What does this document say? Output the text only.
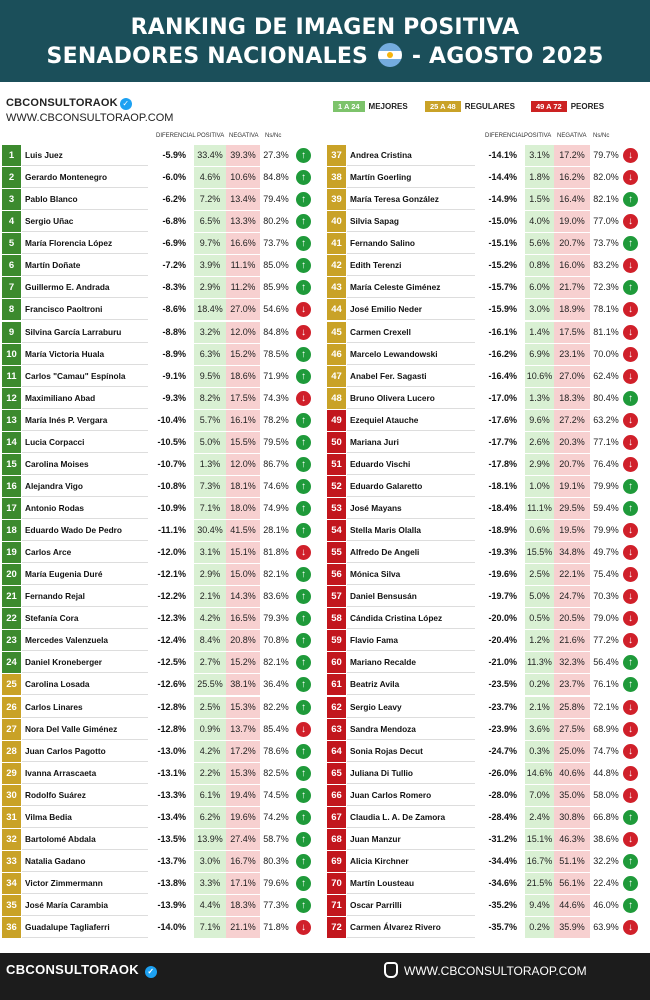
RANKING DE IMAGEN POSITIVA
SENADORES NACIONALES - AGOSTO 2025
CBCONSULTORAOK ✓
WWW.CBCONSULTORAOP.COM
1 A 24	MEJORES	25 A 48	REGULARES	49 A 72	PEORES
DIFERENCIAL POSITIVA NEGATIVA Ns/Nc	DIFERENCIAL POSITIVA NEGATIVA Ns/Nc
1	Luis Juez	-5.9%	33.4% 39.3% 27.3%	↑
2	Gerardo Montenegro	-6.0%	4.6%	10.6% 84.8%	↑
3	Pablo Blanco	-6.2%	7.2%	13.4% 79.4%	↑
4	Sergio Uñac	-6.8%	6.5%	13.3% 80.2%	↑
5	María Florencia López	-6.9%	9.7%	16.6% 73.7%	↑
6	Martín Doñate	-7.2%	3.9%	11.1% 85.0%	↑
7	Guillermo E. Andrada	-8.3%	2.9%	11.2% 85.9%	↑
8	Francisco Paoltroni	-8.6%	18.4% 27.0% 54.6%	↓
9	Silvina García Larraburu	-8.8%	3.2%	12.0% 84.8%	↓
10 María Victoria Huala	-8.9%	6.3%	15.2% 78.5%	↑
11	Carlos "Camau" Espínola	-9.1%	9.5%	18.6% 71.9%	↑
12 Maximiliano Abad	-9.3%	8.2%	17.5% 74.3%	↓
13 María Inés P. Vergara	-10.4%	5.7%	16.1% 78.2%	↑
14 Lucia Corpacci	-10.5%	5.0%	15.5% 79.5%	↑
15 Carolina Moises	-10.7%	1.3%	12.0% 86.7%	↑
16 Alejandra Vigo	-10.8%	7.3%	18.1% 74.6%	↑
17 Antonio Rodas	-10.9%	7.1%	18.0% 74.9%	↑
18 Eduardo Wado De Pedro	-11.1%	30.4% 41.5% 28.1%	↑
19 Carlos Arce	-12.0%	3.1%	15.1% 81.8%	↓
20 María Eugenia Duré	-12.1%	2.9%	15.0% 82.1%	↑
21 Fernando Rejal	-12.2%	2.1%	14.3% 83.6%	↑
22 Stefanía Cora	-12.3%	4.2%	16.5% 79.3%	↑
23 Mercedes Valenzuela	-12.4%	8.4%	20.8% 70.8%	↑
24 Daniel Kroneberger	-12.5%	2.7%	15.2% 82.1%	↑
25 Carolina Losada	-12.6%	25.5% 38.1% 36.4%	↑
26 Carlos Linares	-12.8%	2.5%	15.3% 82.2%	↑
27 Nora Del Valle Giménez	-12.8%	0.9%	13.7% 85.4%	↓
28 Juan Carlos Pagotto	-13.0%	4.2%	17.2% 78.6%	↑
29 Ivanna Arrascaeta	-13.1%	2.2%	15.3% 82.5%	↑
30 Rodolfo Suárez	-13.3%	6.1%	19.4% 74.5%	↑
31 Vilma Bedia	-13.4%	6.2%	19.6% 74.2%	↑
32 Bartolomé Abdala	-13.5%	13.9% 27.4% 58.7%	↑
33 Natalia Gadano	-13.7%	3.0%	16.7% 80.3%	↑
34 Victor Zimmermann	-13.8%	3.3%	17.1% 79.6%	↑
35 José María Carambia	-13.9%	4.4%	18.3% 77.3%	↑
36 Guadalupe Tagliaferri	-14.0%	7.1%	21.1% 71.8%	↓
37 Andrea Cristina	-14.1%	3.1%	17.2% 79.7% ↓
38 Martín Goerling	-14.4%	1.8%	16.2% 82.0% ↓
39 María Teresa González	-14.9%	1.5%	16.4% 82.1% ↑
40 Silvia Sapag	-15.0%	4.0%	19.0% 77.0% ↓
41 Fernando Salino	-15.1%	5.6%	20.7% 73.7% ↑
42 Edith Terenzi	-15.2%	0.8%	16.0% 83.2% ↓
43 María Celeste Giménez	-15.7%	6.0%	21.7% 72.3% ↑
44 José Emilio Neder	-15.9%	3.0%	18.9% 78.1% ↓
45 Carmen Crexell	-16.1%	1.4%	17.5% 81.1% ↓
46 Marcelo Lewandowski	-16.2%	6.9%	23.1% 70.0% ↓
47 Anabel Fer. Sagasti	-16.4% 10.6% 27.0% 62.4% ↓
48 Bruno Olivera Lucero	-17.0%	1.3%	18.3% 80.4% ↑
49 Ezequiel Atauche	-17.6%	9.6%	27.2% 63.2% ↓
50 Mariana Juri	-17.7%	2.6%	20.3% 77.1% ↓
51 Eduardo Vischi	-17.8%	2.9%	20.7% 76.4% ↓
52 Eduardo Galaretto	-18.1%	1.0%	19.1% 79.9% ↑
53 José Mayans	-18.4% 11.1% 29.5% 59.4% ↑
54 Stella Maris Olalla	-18.9%	0.6%	19.5% 79.9% ↓
55 Alfredo De Angeli	-19.3% 15.5% 34.8% 49.7% ↓
56 Mónica Silva	-19.6%	2.5%	22.1% 75.4% ↓
57 Daniel Bensusán	-19.7%	5.0%	24.7% 70.3% ↓
58 Cándida Cristina López	-20.0%	0.5%	20.5% 79.0% ↓
59 Flavio Fama	-20.4%	1.2%	21.6% 77.2% ↓
60 Mariano Recalde	-21.0% 11.3% 32.3% 56.4% ↑
61 Beatriz Avila	-23.5%	0.2%	23.7% 76.1% ↑
62 Sergio Leavy	-23.7%	2.1%	25.8% 72.1% ↓
63 Sandra Mendoza	-23.9%	3.6%	27.5% 68.9% ↓
64 Sonia Rojas Decut	-24.7%	0.3%	25.0% 74.7% ↓
65 Juliana Di Tullio	-26.0% 14.6% 40.6% 44.8% ↓
66 Juan Carlos Romero	-28.0%	7.0%	35.0% 58.0% ↓
67 Claudia L. A. De Zamora	-28.4%	2.4%	30.8% 66.8% ↑
68 Juan Manzur	-31.2% 15.1% 46.3% 38.6% ↓
69 Alicia Kirchner	-34.4% 16.7% 51.1% 32.2% ↑
70 Martín Lousteau	-34.6% 21.5% 56.1% 22.4% ↑
71 Oscar Parrilli	-35.2%	9.4%	44.6% 46.0% ↑
72 Carmen Álvarez Rivero	-35.7%	0.2%	35.9% 63.9% ↓
CBCONSULTORAOK ✓	WWW.CBCONSULTORAOP.COM
